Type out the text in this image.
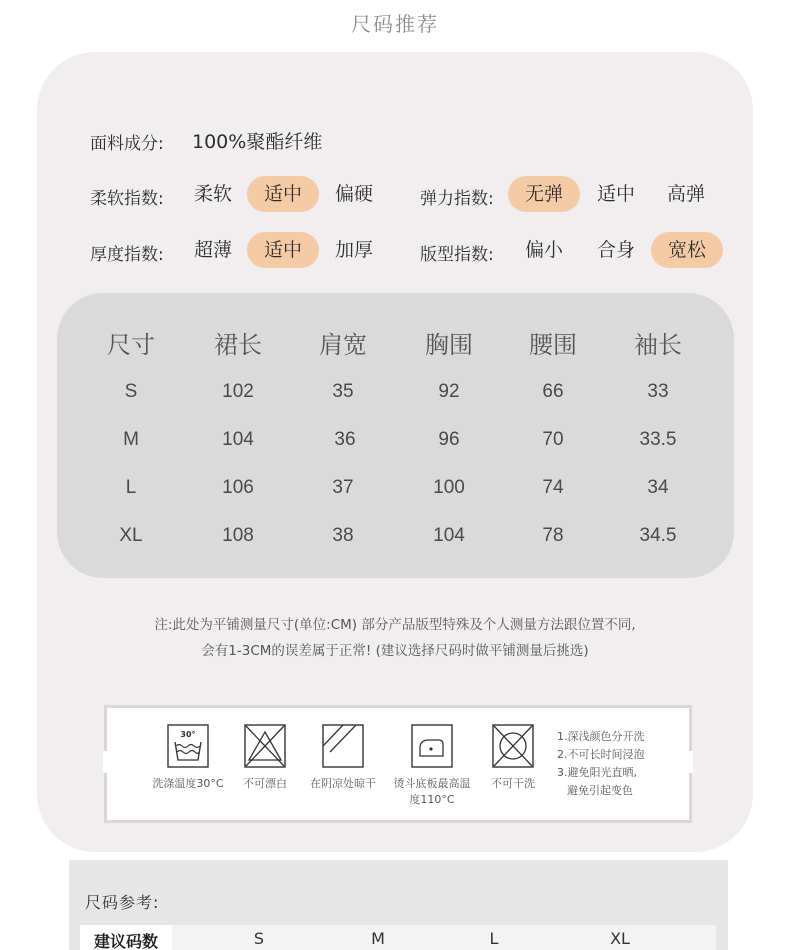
尺码推荐
面料成分: 100%聚酯纤维
柔软指数:	柔软	适中	偏硬	弹力指数:	无弹	适中	高弹
厚度指数:	超薄	适中	加厚	版型指数:	偏小	合身	宽松
尺寸	裙长	肩宽	胸围	腰围	袖长
S	102	35	92	66	33
M	104	36	96	70	33.5
L	106	37	100	74	34
XL	108	38	104	78	34.5
注:此处为平铺测量尺寸(单位:CM) 部分产品版型特殊及个人测量方法跟位置不同,
会有1-3CM的误差属于正常! (建议选择尺码时做平铺测量后挑选)
30°
洗涤温度30°C	不可漂白	在阴凉处晾干	烫斗底板最高温度110°C
不可干洗
1.深浅颜色分开洗
2.不可长时间浸泡
3.避免阳光直晒,
避免引起变色
尺码参考:
建议码数	S	M	L	XL
